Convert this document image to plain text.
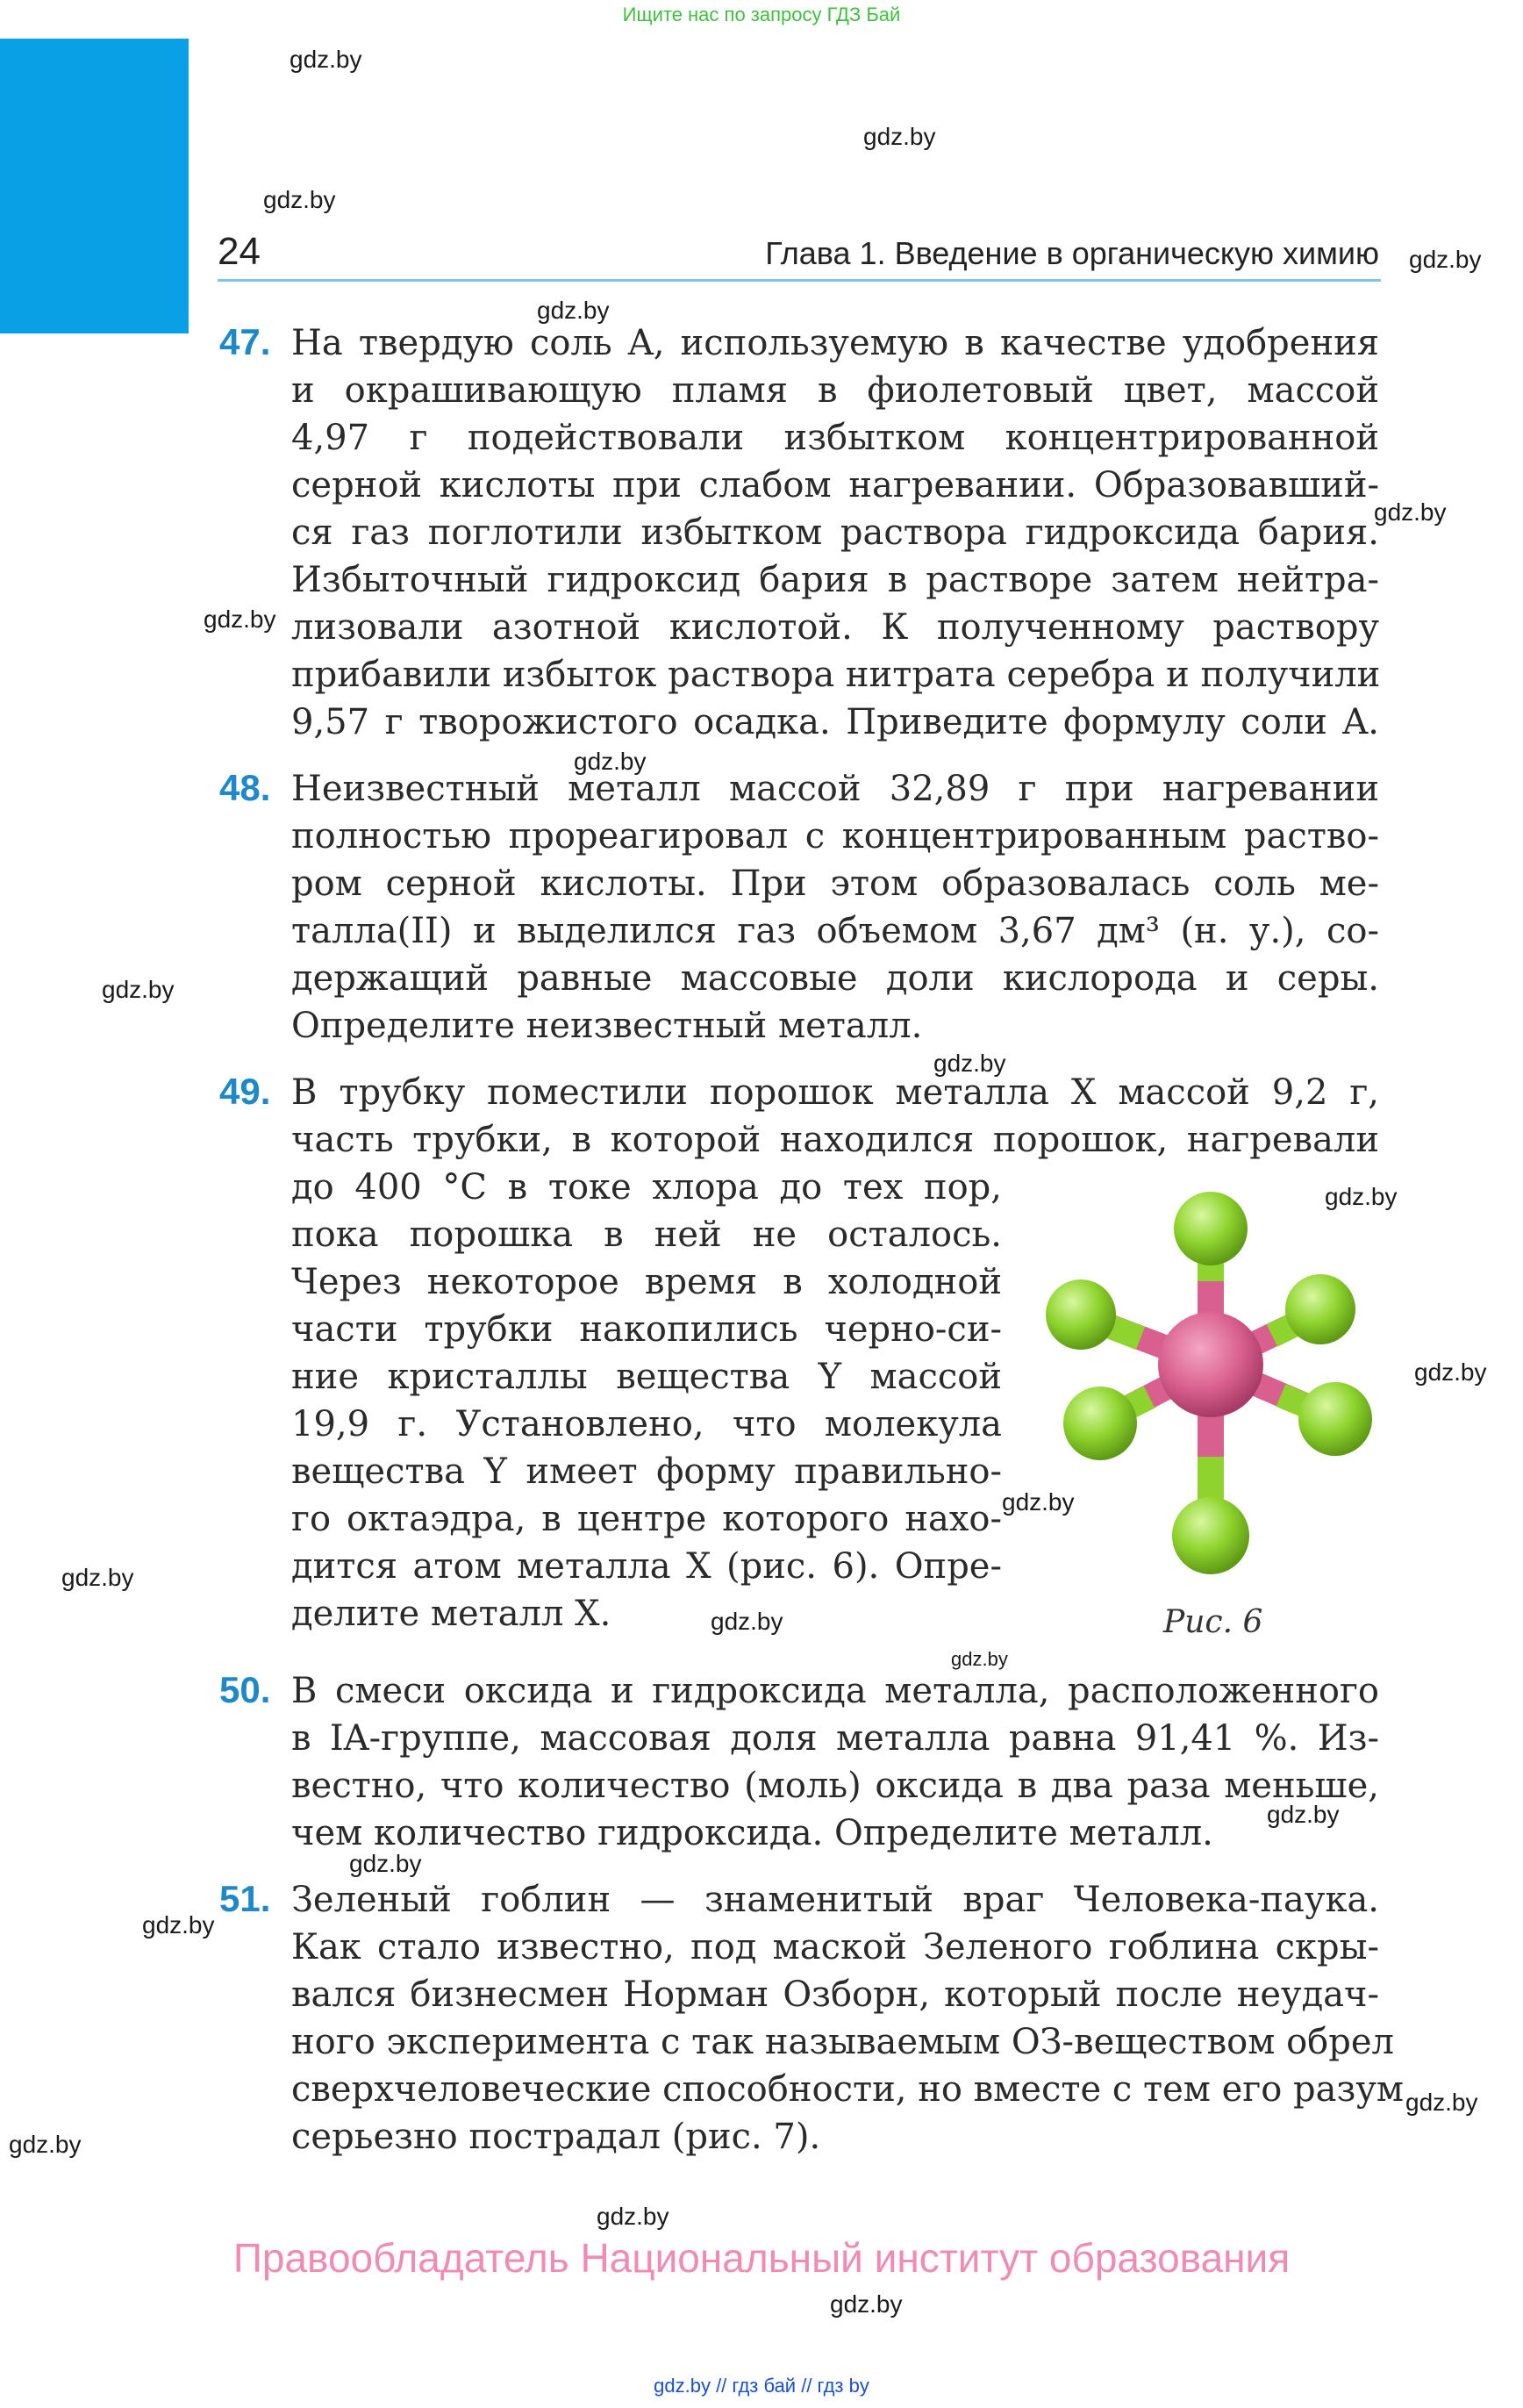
Ищите нас по запросу ГДЗ Бай
24	Глава 1. Введение в органическую химию
47. На твердую соль A, используемую в качестве удобрения
и окрашивающую пламя в фиолетовый цвет, массой
4,97 г подействовали избытком концентрированной
серной кислоты при слабом нагревании. Образовавший-
ся газ поглотили избытком раствора гидроксида бария.
Избыточный гидроксид бария в растворе затем нейтра-
лизовали азотной кислотой. К полученному раствору
прибавили избыток раствора нитрата серебра и получили
9,57 г творожистого осадка. Приведите формулу соли A.
48. Неизвестный металл массой 32,89 г при нагревании
полностью прореагировал с концентрированным раство-
ром серной кислоты. При этом образовалась соль ме-
талла(II) и выделился газ объемом 3,67 дм³ (н. у.), со-
держащий равные массовые доли кислорода и серы.
Определите неизвестный металл.
49. В трубку поместили порошок металла X массой 9,2 г,
часть трубки, в которой находился порошок, нагревали
до 400 °С в токе хлора до тех пор,
пока порошка в ней не осталось.
Через некоторое время в холодной
части трубки накопились черно-си-
ние кристаллы вещества Y массой
19,9 г. Установлено, что молекула
вещества Y имеет форму правильно-
го октаэдра, в центре которого нахо-
дится атом металла X (рис. 6). Опре-
делите металл X.	Рис. 6
50. В смеси оксида и гидроксида металла, расположенного
в IA-группе, массовая доля металла равна 91,41 %. Из-
вестно, что количество (моль) оксида в два раза меньше,
чем количество гидроксида. Определите металл.
51. Зеленый гоблин — знаменитый враг Человека-паука.
Как стало известно, под маской Зеленого гоблина скры-
вался бизнесмен Норман Озборн, который после неудач-
ного эксперимента с так называемым ОЗ-веществом обрел
сверхчеловеческие способности, но вместе с тем его разум
серьезно пострадал (рис. 7).
gdz.by
gdz.by
gdz.by
gdz.by
gdz.by
gdz.by
gdz.by
gdz.by
gdz.by
gdz.by
gdz.by
gdz.by
gdz.by
gdz.by
gdz.by
gdz.by
gdz.by
gdz.by
gdz.by
gdz.by
gdz.by
gdz.by
gdz.by
Правообладатель Национальный институт образования
gdz.by // гдз бай // гдз by
